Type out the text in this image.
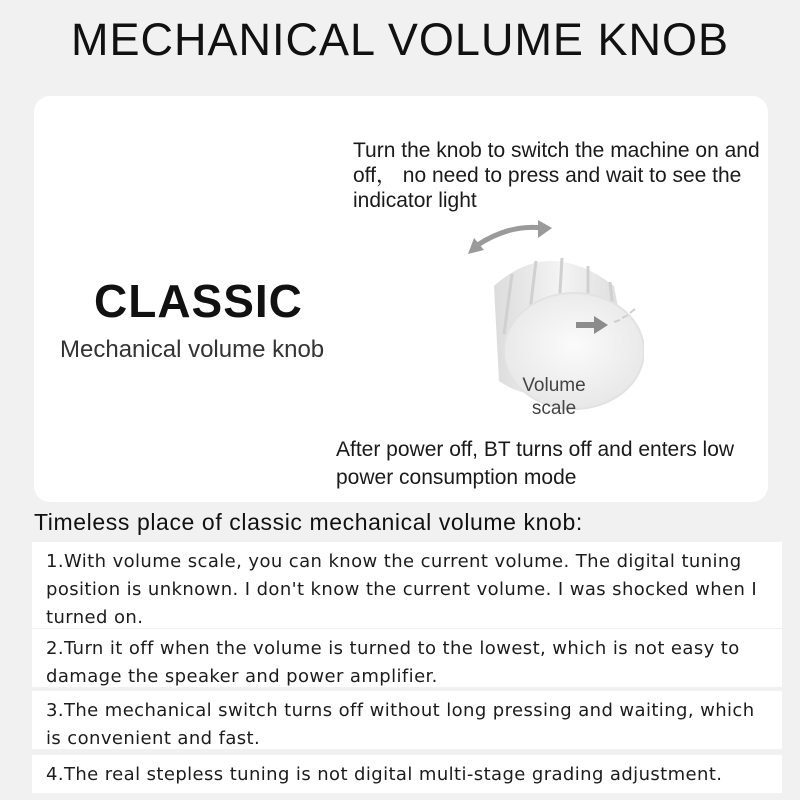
MECHANICAL VOLUME KNOB
CLASSIC
Mechanical volume knob
Turn the knob to switch the machine on and off， no need to press and wait to see the indicator light
Volume
scale
After power off, BT turns off and enters low power consumption mode
Timeless place of classic mechanical volume knob:
1.With volume scale, you can know the current volume. The digital tuning position is unknown. I don't know the current volume. I was shocked when I turned on.
2.Turn it off when the volume is turned to the lowest, which is not easy to damage the speaker and power amplifier.
3.The mechanical switch turns off without long pressing and waiting, which is convenient and fast.
4.The real stepless tuning is not digital multi-stage grading adjustment.
